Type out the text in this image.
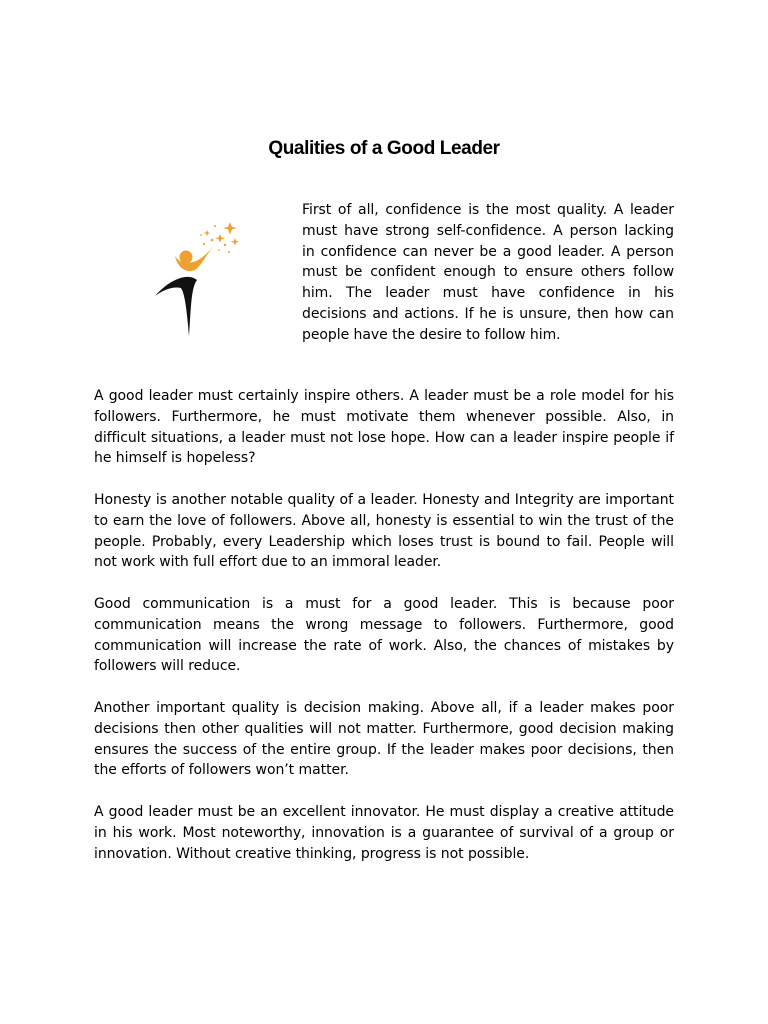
Qualities of a Good Leader

First of all, confidence is the most quality. A leader must have strong self-confidence. A person lacking in confidence can never be a good leader. A person must be confident enough to ensure others follow him. The leader must have confidence in his decisions and actions. If he is unsure, then how can people have the desire to follow him.

A good leader must certainly inspire others. A leader must be a role model for his followers. Furthermore, he must motivate them whenever possible. Also, in difficult situations, a leader must not lose hope. How can a leader inspire people if he himself is hopeless?

Honesty is another notable quality of a leader. Honesty and Integrity are important to earn the love of followers. Above all, honesty is essential to win the trust of the people. Probably, every Leadership which loses trust is bound to fail. People will not work with full effort due to an immoral leader.

Good communication is a must for a good leader. This is because poor communication means the wrong message to followers. Furthermore, good communication will increase the rate of work. Also, the chances of mistakes by followers will reduce.

Another important quality is decision making. Above all, if a leader makes poor decisions then other qualities will not matter. Furthermore, good decision making ensures the success of the entire group. If the leader makes poor decisions, then the efforts of followers won’t matter.

A good leader must be an excellent innovator. He must display a creative attitude in his work. Most noteworthy, innovation is a guarantee of survival of a group or innovation. Without creative thinking, progress is not possible.
